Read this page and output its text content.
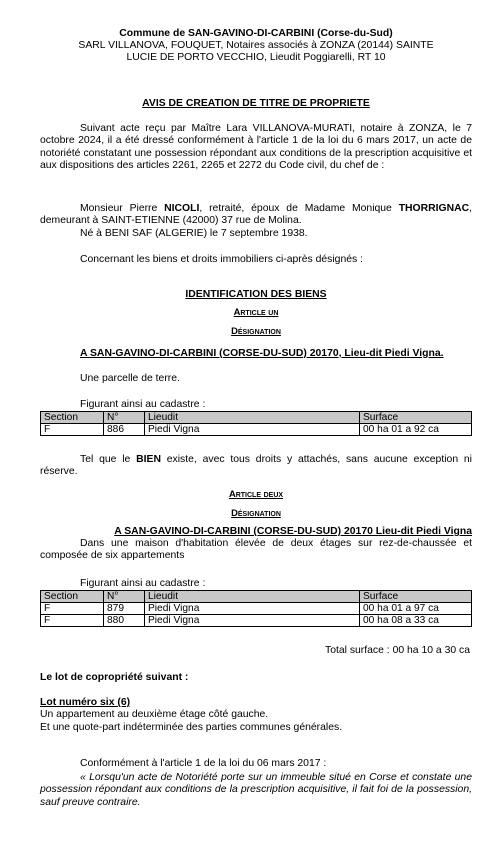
Commune de SAN-GAVINO-DI-CARBINI (Corse-du-Sud)
SARL VILLANOVA, FOUQUET, Notaires associés à ZONZA (20144) SAINTE
LUCIE DE PORTO VECCHIO, Lieudit Poggiarelli, RT 10
AVIS DE CREATION DE TITRE DE PROPRIETE
Suivant acte reçu par Maître Lara VILLANOVA-MURATI, notaire à ZONZA, le 7 octobre 2024, il a été dressé conformément à l'article 1 de la loi du 6 mars 2017, un acte de notoriété constatant une possession répondant aux conditions de la prescription acquisitive et aux dispositions des articles 2261, 2265 et 2272 du Code civil, du chef de :
Monsieur Pierre NICOLI, retraité, époux de Madame Monique THORRIGNAC, demeurant à SAINT-ETIENNE (42000) 37 rue de Molina.
Né à BENI SAF (ALGERIE) le 7 septembre 1938.
Concernant les biens et droits immobiliers ci-après désignés :
IDENTIFICATION DES BIENS
Article un
Désignation
A SAN-GAVINO-DI-CARBINI (CORSE-DU-SUD) 20170, Lieu-dit Piedi Vigna.
Une parcelle de terre.
Figurant ainsi au cadastre :
Section	N°	Lieudit	Surface
F	886	Piedi Vigna	00 ha 01 a 92 ca
Tel que le BIEN existe, avec tous droits y attachés, sans aucune exception ni réserve.
Article deux
Désignation
A SAN-GAVINO-DI-CARBINI (CORSE-DU-SUD) 20170 Lieu-dit Piedi Vigna
Dans une maison d'habitation élevée de deux étages sur rez-de-chaussée et composée de six appartements
Figurant ainsi au cadastre :
Section	N°	Lieudit	Surface
F	879	Piedi Vigna	00 ha 01 a 97 ca
F	880	Piedi Vigna	00 ha 08 a 33 ca
Total surface : 00 ha 10 a 30 ca
Le lot de copropriété suivant :
Lot numéro six (6)
Un appartement au deuxième étage côté gauche.
Et une quote-part indéterminée des parties communes générales.
Conformément à l'article 1 de la loi du 06 mars 2017 :
« Lorsqu'un acte de Notoriété porte sur un immeuble situé en Corse et constate une possession répondant aux conditions de la prescription acquisitive, il fait foi de la possession, sauf preuve contraire.
